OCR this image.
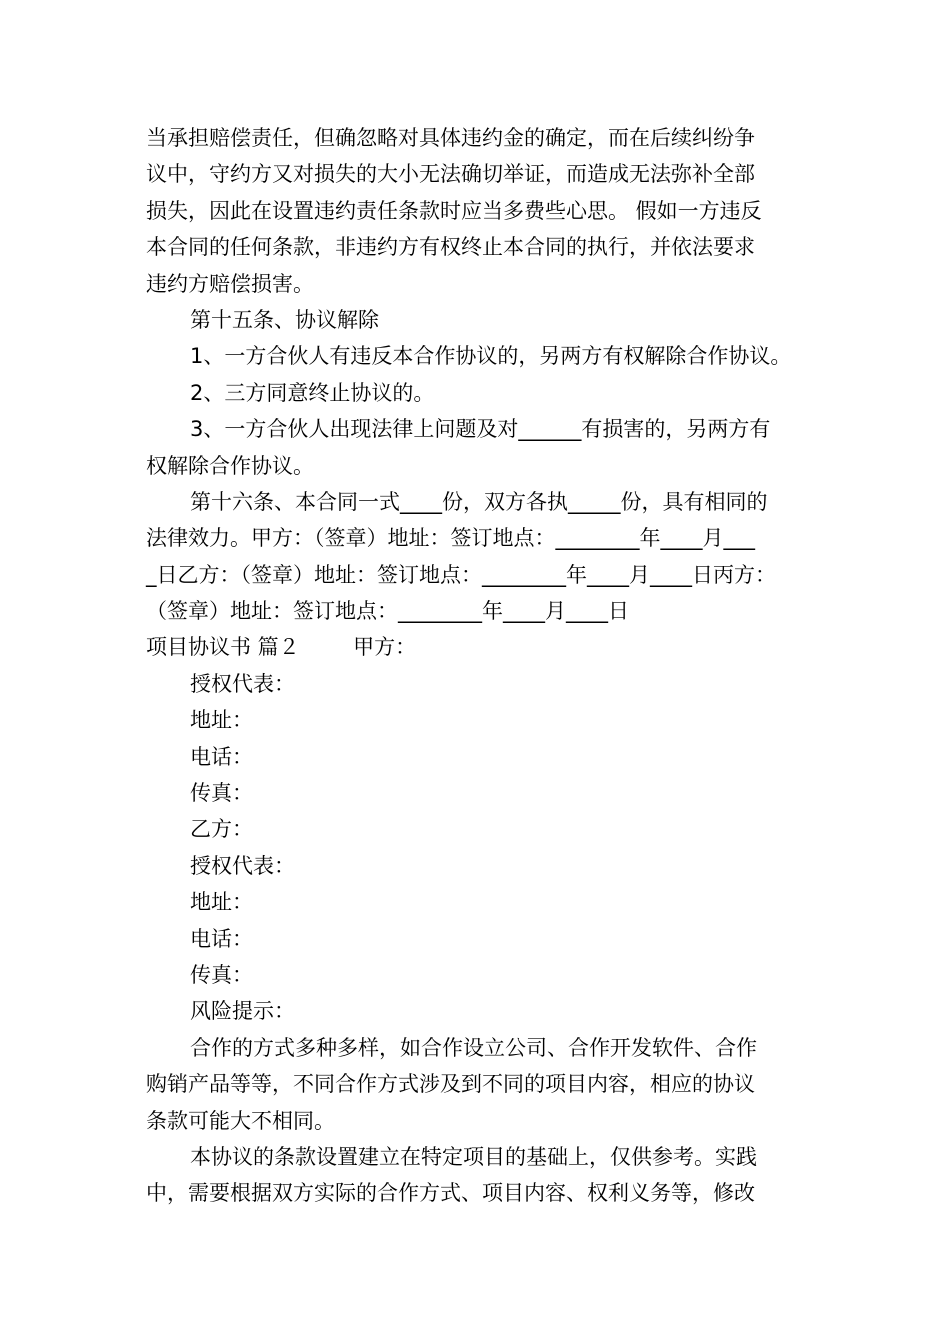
当承担赔偿责任，但确忽略对具体违约金的确定，而在后续纠纷争
议中，守约方又对损失的大小无法确切举证，而造成无法弥补全部
损失，因此在设置违约责任条款时应当多费些心思。 假如一方违反
本合同的任何条款，非违约方有权终止本合同的执行，并依法要求
违约方赔偿损害。
第十五条、协议解除
1、一方合伙人有违反本合作协议的，另两方有权解除合作协议。
2、三方同意终止协议的。
3、一方合伙人出现法律上问题及对______有损害的，另两方有
权解除合作协议。
第十六条、本合同一式____份，双方各执_____份，具有相同的
法律效力。甲方：（签章）地址：签订地点：________年____月___
_日乙方：（签章）地址：签订地点：________年____月____日丙方：
（签章）地址：签订地点：________年____月____日
项目协议书 篇２        甲方：
授权代表：
地址：
电话：
传真：
乙方：
授权代表：
地址：
电话：
传真：
风险提示：
合作的方式多种多样，如合作设立公司、合作开发软件、合作
购销产品等等，不同合作方式涉及到不同的项目内容，相应的协议
条款可能大不相同。
本协议的条款设置建立在特定项目的基础上，仅供参考。实践
中，需要根据双方实际的合作方式、项目内容、权利义务等，修改
